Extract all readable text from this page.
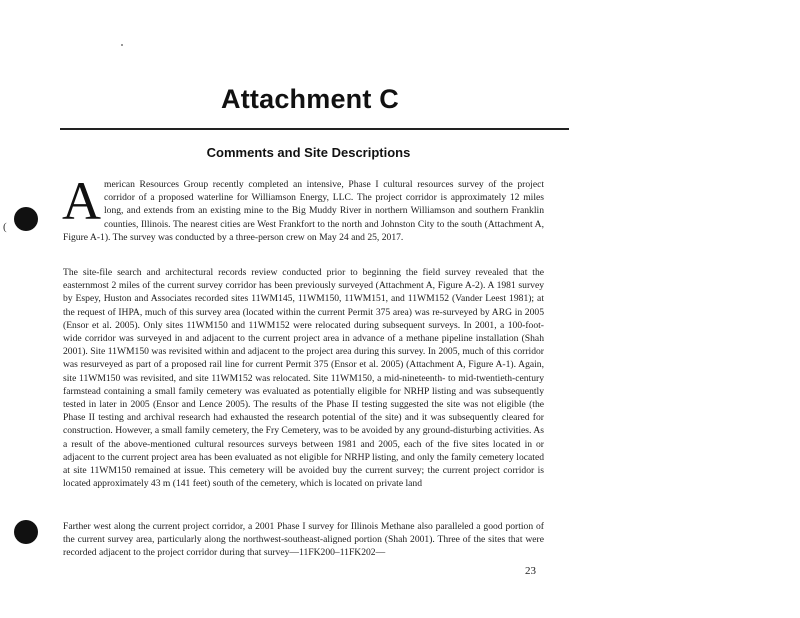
Attachment C
Comments and Site Descriptions
( A merican Resources Group recently completed an intensive, Phase I cultural resources survey of the project corridor of a proposed waterline for Williamson Energy, LLC. The project corridor is approximately 12 miles long, and extends from an existing mine to the Big Muddy River in northern Williamson and southern Franklin counties, Illinois. The nearest cities are West Frankfort to the north and Johnston City to the south (Attachment A, Figure A-1). The survey was conducted by a three-person crew on May 24 and 25, 2017.
The site-file search and architectural records review conducted prior to beginning the field survey revealed that the easternmost 2 miles of the current survey corridor has been previously surveyed (Attachment A, Figure A-2). A 1981 survey by Espey, Huston and Associates recorded sites 11WM145, 11WM150, 11WM151, and 11WM152 (Vander Leest 1981); at the request of IHPA, much of this survey area (located within the current Permit 375 area) was re-surveyed by ARG in 2005 (Ensor et al. 2005). Only sites 11WM150 and 11WM152 were relocated during subsequent surveys. In 2001, a 100-foot-wide corridor was surveyed in and adjacent to the current project area in advance of a methane pipeline installation (Shah 2001). Site 11WM150 was revisited within and adjacent to the project area during this survey. In 2005, much of this corridor was resurveyed as part of a proposed rail line for current Permit 375 (Ensor et al. 2005) (Attachment A, Figure A-1). Again, site 11WM150 was revisited, and site 11WM152 was relocated. Site 11WM150, a mid-nineteenth- to mid-twentieth-century farmstead containing a small family cemetery was evaluated as potentially eligible for NRHP listing and was subsequently tested in later in 2005 (Ensor and Lence 2005). The results of the Phase II testing suggested the site was not eligible (the Phase II testing and archival research had exhausted the research potential of the site) and it was subsequently cleared for construction. However, a small family cemetery, the Fry Cemetery, was to be avoided by any ground-disturbing activities. As a result of the above-mentioned cultural resources surveys between 1981 and 2005, each of the five sites located in or adjacent to the current project area has been evaluated as not eligible for NRHP listing, and only the family cemetery located at site 11WM150 remained at issue. This cemetery will be avoided buy the current survey; the current project corridor is located approximately 43 m (141 feet) south of the cemetery, which is located on private land
Farther west along the current project corridor, a 2001 Phase I survey for Illinois Methane also paralleled a good portion of the current survey area, particularly along the northwest-southeast-aligned portion (Shah 2001). Three of the sites that were recorded adjacent to the project corridor during that survey—11FK200–11FK202—
23
